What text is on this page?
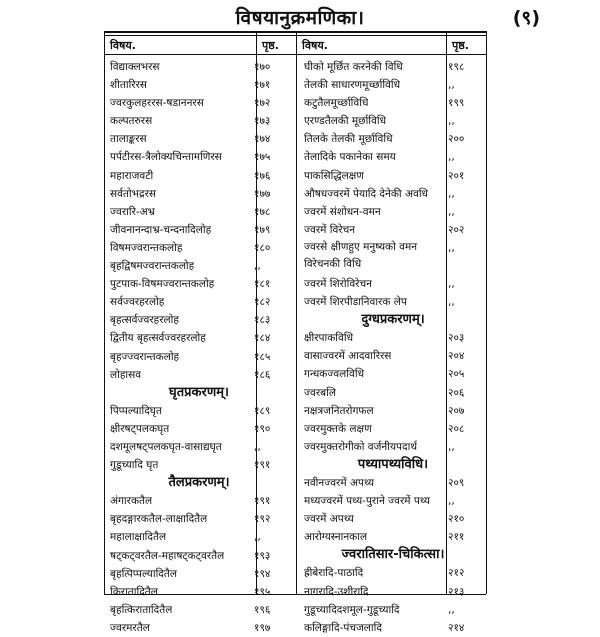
विषयानुक्रमणिका।	(९)
विषय.	पृष्ठ. विषय.	पृष्ठ.
विद्याक्लभरस	१७०
शीतारिरस	१७१
ज्वरकुलहररस-षडाननरस	१७२
कल्पतरुरस	१७३
तालाङ्करस	१७४
पर्पटीरस-त्रैलोक्यचिन्तामणिरस	१७५
महाराजवटी	१७६
सर्वतोभद्ररस	१७७
ज्वरारि-अभ्र	१७८
जीवनानन्दाभ्र-चन्दनादिलोह	१७९
विषमज्वरान्तकलोह	१८०
बृहद्विषमज्वरान्तकलोह	,,
पुटपाक-विषमज्वरान्तकलोह	१८१
सर्वज्वरहरलोह	१८२
बृहत्सर्वज्वरहरलोह	१८३
द्वितीय बृहत्सर्वज्वरहरलोह	१८४
बृहज्ज्वरान्तकलोह	१८५
लोहासव	१८६
घृतप्रकरणम्।
पिप्पल्यादिघृत	१८९
क्षीरषट्पलकघृत	१९०
दशमूलषट्पलकघृत-वासाद्यघृत	,,
गुडूच्यादि घृत	१९१
तैलप्रकरणम्।
अंगारकतैल	१९१
बृहदङ्गारकतैल-लाक्षादितैल	१९२
महालाक्षादितैल	,,
षट्कट्वरतैल-महाषट्कट्वरतैल	१९३
बृहत्पिप्पल्यादितैल	१९४
किरातादितैल	१९५
बृहत्किरातादितैल	१९६
ज्वरमरतैल	१९७
घीको मूर्छित करनेकी विधि	१९८
तेलकी साधारणमूर्च्छाविधि	,,
कटुतैलमूर्च्छाविधि	१९९
एरण्डतैलकी मूर्छाविधि	,,
तिलके तेलकी मूर्छाविधि	२००
तेलादिके पकानेका समय	,,
पाकसिद्धिलक्षण	२०१
औषधज्वरमें पेयादि देनेकी अवधि ,,
ज्वरमें संशोधन-वमन	,,
ज्वरमें विरेचन	२०२
ज्वरसे क्षीणहुए मनुष्यको वमन विरेचनकी विधि
,,
ज्वरमें शिरोविरेचन	,,
ज्वरमें शिरपीडानिवारक लेप	,,
दुग्धप्रकरणम्।
क्षीरपाकविधि	२०३
वासाज्वरमें आदवारिरस	२०४
गन्धकज्वलविधि	२०५
ज्वरबलि	२०६
नक्षत्रजनितरोगफल	२०७
ज्वरमुक्तके लक्षण	२०८
ज्वरमुक्तरोगीको वर्जनीयपदार्थ	,,
पथ्यापथ्यविधि।
नवीनज्वरमें अपथ्य	२०९
मध्यज्वरमें पथ्य-पुराने ज्वरमें पथ्य ,,
ज्वरमें अपथ्य	२१०
आरोग्यस्नानकाल	२११
ज्वरातिसार-चिकित्सा।
ह्रीबेरादि-पाठादि	२१२
नागरादि-उशीरादि	२१३
गुडूच्यादिदशमूल-गुडूच्यादि	,,
कलिङ्गादि-पंचजलादि	२१४
